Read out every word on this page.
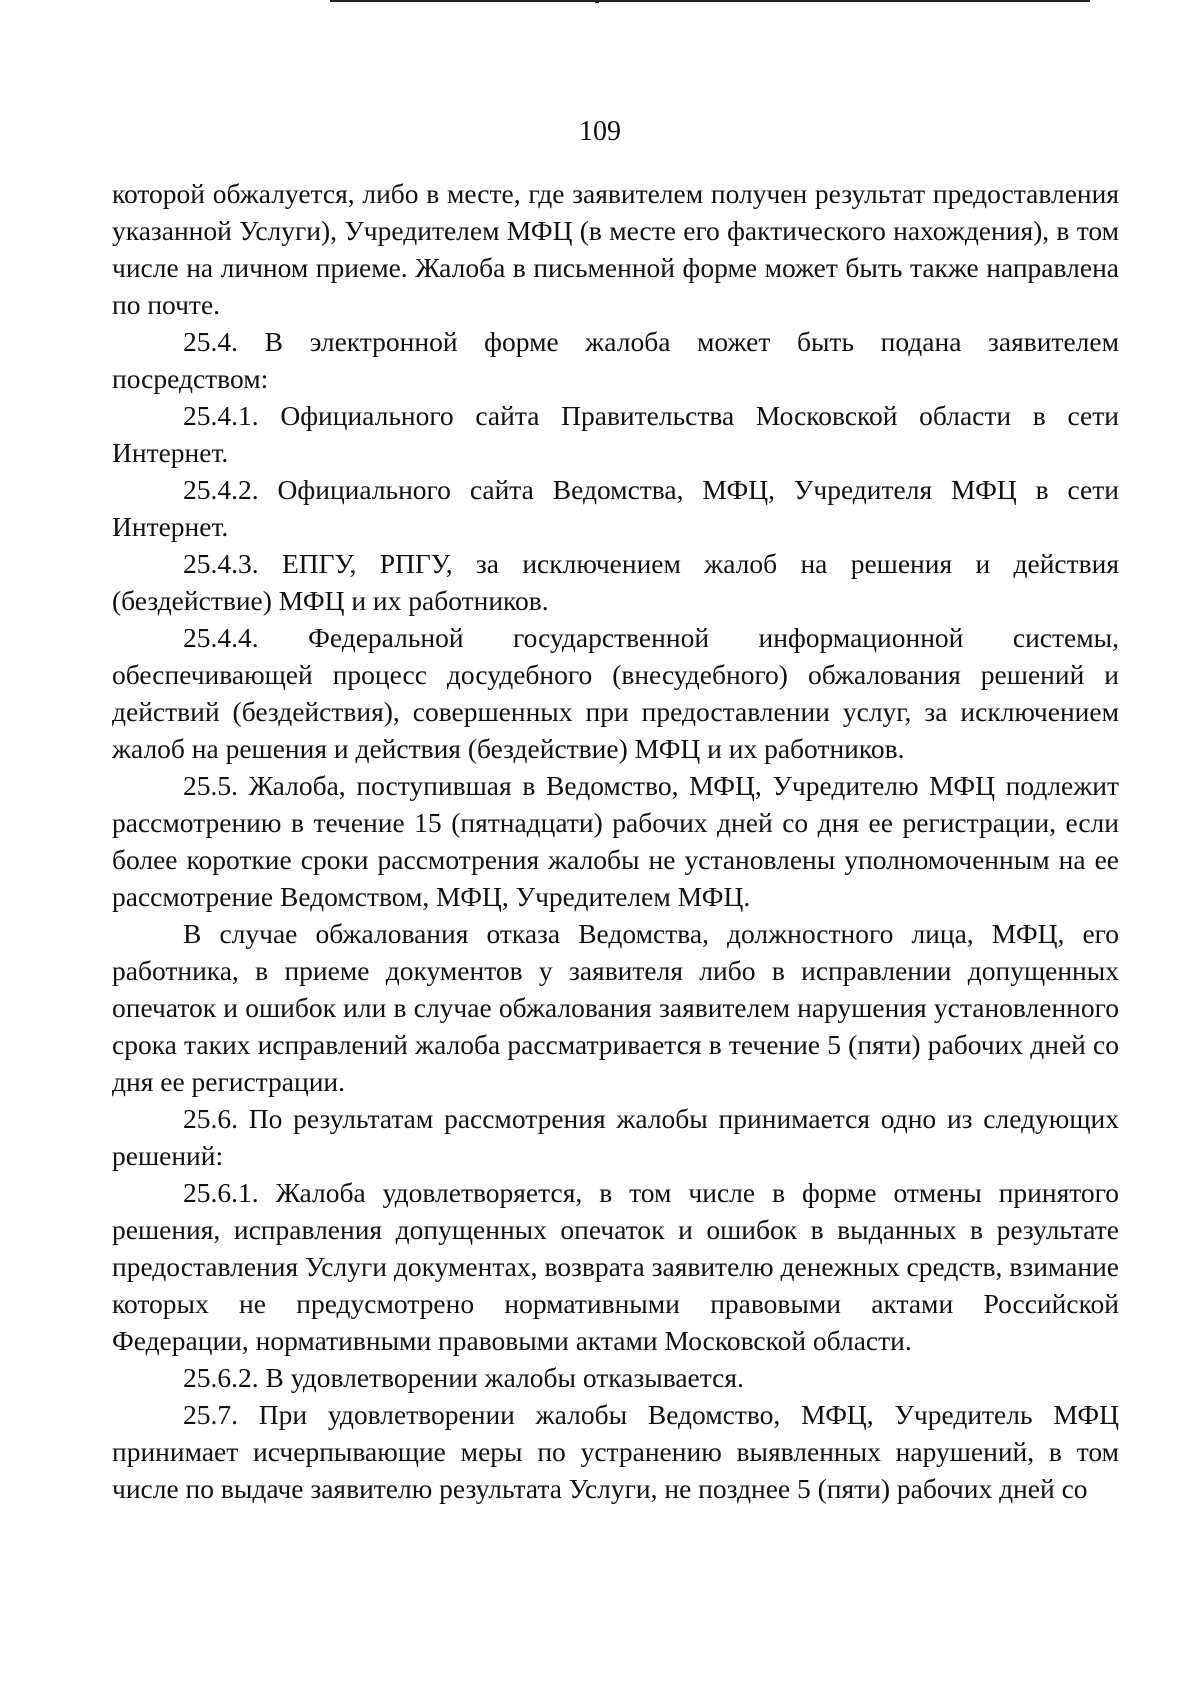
109

которой обжалуется, либо в месте, где заявителем получен результат предоставления указанной Услуги), Учредителем МФЦ (в месте его фактического нахождения), в том числе на личном приеме. Жалоба в письменной форме может быть также направлена по почте.

25.4. В электронной форме жалоба может быть подана заявителем посредством:

25.4.1. Официального сайта Правительства Московской области в сети Интернет.

25.4.2. Официального сайта Ведомства, МФЦ, Учредителя МФЦ в сети Интернет.

25.4.3. ЕПГУ, РПГУ, за исключением жалоб на решения и действия (бездействие) МФЦ и их работников.

25.4.4. Федеральной государственной информационной системы, обеспечивающей процесс досудебного (внесудебного) обжалования решений и действий (бездействия), совершенных при предоставлении услуг, за исключением жалоб на решения и действия (бездействие) МФЦ и их работников.

25.5. Жалоба, поступившая в Ведомство, МФЦ, Учредителю МФЦ подлежит рассмотрению в течение 15 (пятнадцати) рабочих дней со дня ее регистрации, если более короткие сроки рассмотрения жалобы не установлены уполномоченным на ее рассмотрение Ведомством, МФЦ, Учредителем МФЦ.

В случае обжалования отказа Ведомства, должностного лица, МФЦ, его работника, в приеме документов у заявителя либо в исправлении допущенных опечаток и ошибок или в случае обжалования заявителем нарушения установленного срока таких исправлений жалоба рассматривается в течение 5 (пяти) рабочих дней со дня ее регистрации.

25.6. По результатам рассмотрения жалобы принимается одно из следующих решений:

25.6.1. Жалоба удовлетворяется, в том числе в форме отмены принятого решения, исправления допущенных опечаток и ошибок в выданных в результате предоставления Услуги документах, возврата заявителю денежных средств, взимание которых не предусмотрено нормативными правовыми актами Российской Федерации, нормативными правовыми актами Московской области.

25.6.2. В удовлетворении жалобы отказывается.

25.7. При удовлетворении жалобы Ведомство, МФЦ, Учредитель МФЦ принимает исчерпывающие меры по устранению выявленных нарушений, в том числе по выдаче заявителю результата Услуги, не позднее 5 (пяти) рабочих дней со
